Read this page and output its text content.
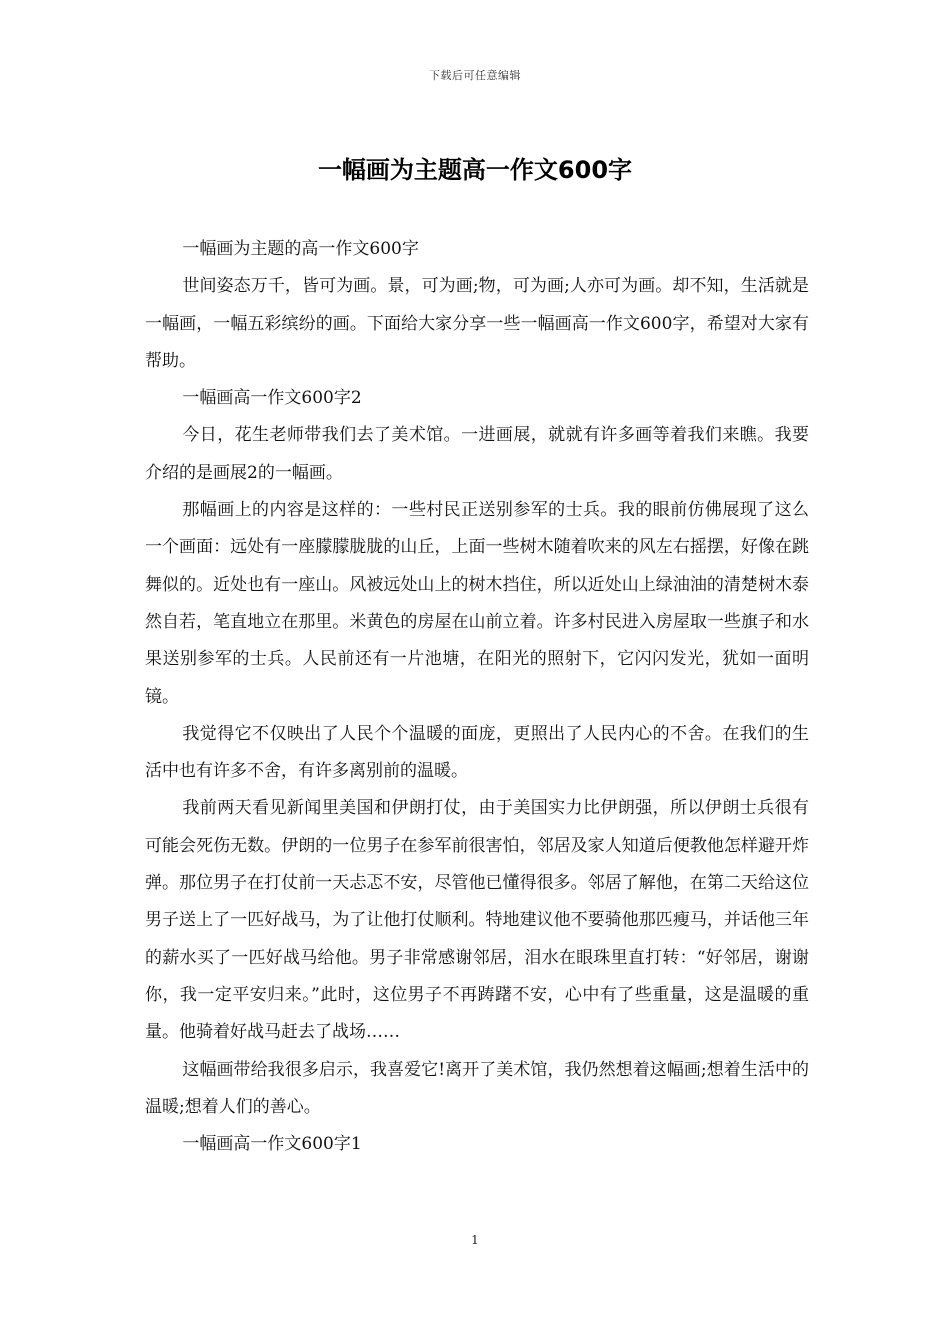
下载后可任意编辑
一幅画为主题高一作文600字

一幅画为主题的高一作文600字

世间姿态万千，皆可为画。景，可为画;物，可为画;人亦可为画。却不知，生活就是一幅画，一幅五彩缤纷的画。下面给大家分享一些一幅画高一作文600字，希望对大家有帮助。

一幅画高一作文600字2

今日，花生老师带我们去了美术馆。一进画展，就就有许多画等着我们来瞧。我要介绍的是画展2的一幅画。

那幅画上的内容是这样的：一些村民正送别参军的士兵。我的眼前仿佛展现了这么一个画面：远处有一座朦朦胧胧的山丘，上面一些树木随着吹来的风左右摇摆，好像在跳舞似的。近处也有一座山。风被远处山上的树木挡住，所以近处山上绿油油的清楚树木泰然自若，笔直地立在那里。米黄色的房屋在山前立着。许多村民进入房屋取一些旗子和水果送别参军的士兵。人民前还有一片池塘，在阳光的照射下，它闪闪发光，犹如一面明镜。

我觉得它不仅映出了人民个个温暖的面庞，更照出了人民内心的不舍。在我们的生活中也有许多不舍，有许多离别前的温暖。

我前两天看见新闻里美国和伊朗打仗，由于美国实力比伊朗强，所以伊朗士兵很有可能会死伤无数。伊朗的一位男子在参军前很害怕，邻居及家人知道后便教他怎样避开炸弹。那位男子在打仗前一天忐忑不安，尽管他已懂得很多。邻居了解他，在第二天给这位男子送上了一匹好战马，为了让他打仗顺利。特地建议他不要骑他那匹瘦马，并话他三年的薪水买了一匹好战马给他。男子非常感谢邻居，泪水在眼珠里直打转：“好邻居，谢谢你，我一定平安归来。”此时，这位男子不再踌躇不安，心中有了些重量，这是温暖的重量。他骑着好战马赶去了战场……

这幅画带给我很多启示，我喜爱它!离开了美术馆，我仍然想着这幅画;想着生活中的温暖;想着人们的善心。

一幅画高一作文600字1

1
